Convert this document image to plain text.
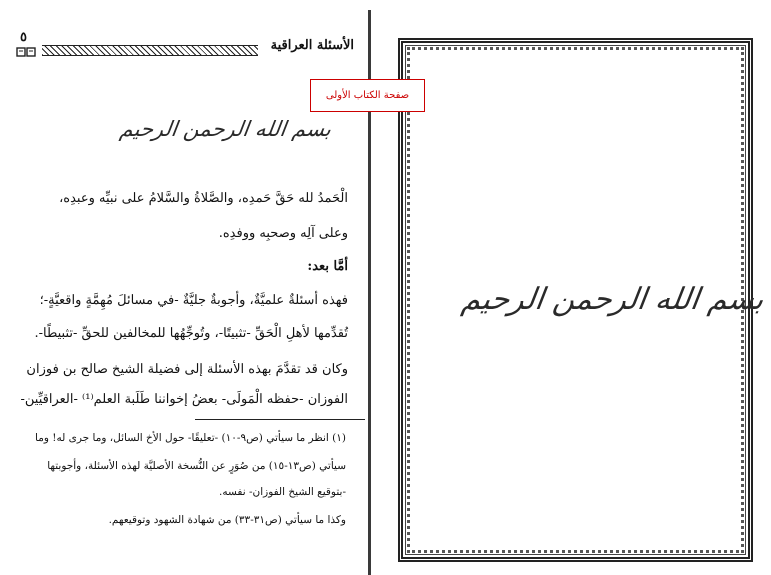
الأسئلة العراقية
٥
بسم الله الرحمن الرحيم
الْحَمدُ لله حَقَّ حَمدِه، والصَّلاةُ والسَّلامُ على نبيِّه وعبدِه،
وعلى آلِه وصحبِه ووفدِه.
أمَّا بعد:
فهذه أسئلةٌ علميَّةٌ، وأجوبةٌ جليَّةٌ -في مسائلَ مُهِمَّةٍ واقعيَّةٍ-؛
تُقدِّمها لأهلِ الْحَقِّ -تثبيتًا-، وتُوجِّهُها للمخالفين للحقِّ -تثبيطًا-.
وكان قد تقدَّمَ بهذه الأسئلة إلى فضيلة الشيخ صالح بن فوزان
الفوزان -حفظه الْمَولَى- بعضُ إخواننا طَلَبة العلم⁽¹⁾ -العراقيِّين-
(١) انظر ما سيأتي (ص٩-١٠) -تعليقًا- حول الأخ السائل، وما جرى له! وما
سيأتي (ص١٣-١٥) من صُوَرٍ عن النُّسخة الأصليَّة لهذه الأسئلة، وأجوبتها
-بتوقيع الشيخ الفوزان- نفسه.
وكذا ما سيأتي (ص٣١-٣٣) من شهادة الشهود وتوقيعهم.
بسم الله الرحمن الرحيم
صفحة الكتاب الأولى
